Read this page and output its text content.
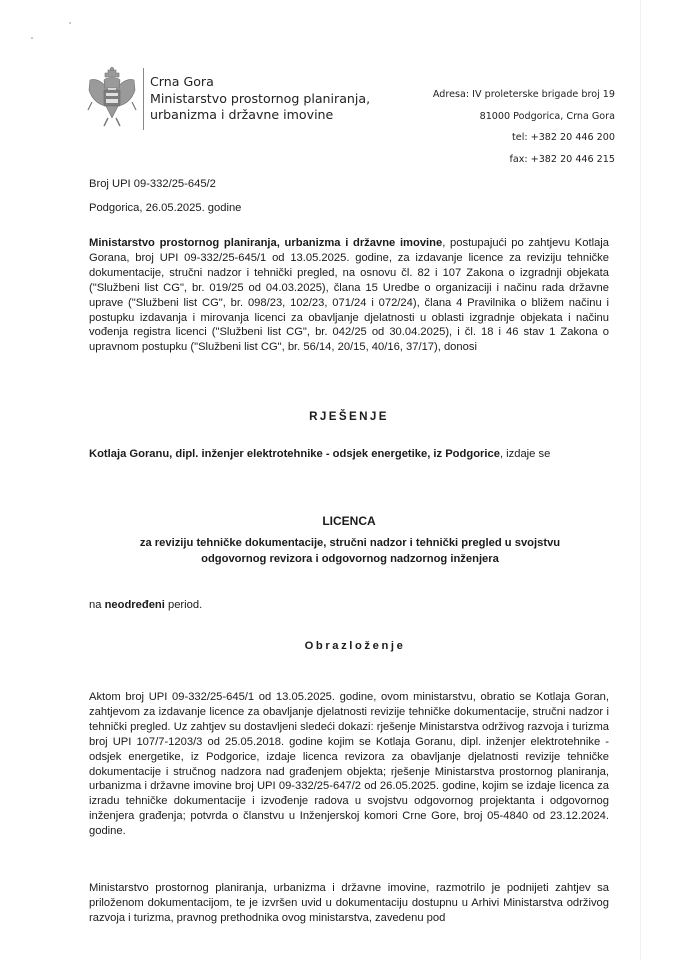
Crna Gora
Ministarstvo prostornog planiranja,
urbanizma i državne imovine
Adresa: IV proleterske brigade broj 19
81000 Podgorica, Crna Gora
tel: +382 20 446 200
fax: +382 20 446 215
Broj UPI 09-332/25-645/2
Podgorica, 26.05.2025. godine
Ministarstvo prostornog planiranja, urbanizma i državne imovine, postupajući po zahtjevu Kotlaja Gorana, broj UPI 09-332/25-645/1 od 13.05.2025. godine, za izdavanje licence za reviziju tehničke dokumentacije, stručni nadzor i tehnički pregled, na osnovu čl. 82 i 107 Zakona o izgradnji objekata ("Službeni list CG", br. 019/25 od 04.03.2025), člana 15 Uredbe o organizaciji i načinu rada državne uprave ("Službeni list CG", br. 098/23, 102/23, 071/24 i 072/24), člana 4 Pravilnika o bližem načinu i postupku izdavanja i mirovanja licenci za obavljanje djelatnosti u oblasti izgradnje objekata i načinu vođenja registra licenci ("Službeni list CG", br. 042/25 od 30.04.2025), i čl. 18 i 46 stav 1 Zakona o upravnom postupku ("Službeni list CG", br. 56/14, 20/15, 40/16, 37/17), donosi
RJEŠENJE
Kotlaja Goranu, dipl. inženjer elektrotehnike - odsjek energetike, iz Podgorice, izdaje se
LICENCA
za reviziju tehničke dokumentacije, stručni nadzor i tehnički pregled u svojstvu odgovornog revizora i odgovornog nadzornog inženjera
na neodređeni period.
Obrazloženje
Aktom broj UPI 09-332/25-645/1 od 13.05.2025. godine, ovom ministarstvu, obratio se Kotlaja Goran, zahtjevom za izdavanje licence za obavljanje djelatnosti revizije tehničke dokumentacije, stručni nadzor i tehnički pregled. Uz zahtjev su dostavljeni sledeći dokazi: rješenje Ministarstva održivog razvoja i turizma broj UPI 107/7-1203/3 od 25.05.2018. godine kojim se Kotlaja Goranu, dipl. inženjer elektrotehnike - odsjek energetike, iz Podgorice, izdaje licenca revizora za obavljanje djelatnosti revizije tehničke dokumentacije i stručnog nadzora nad građenjem objekta; rješenje Ministarstva prostornog planiranja, urbanizma i državne imovine broj UPI 09-332/25-647/2 od 26.05.2025. godine, kojim se izdaje licenca za izradu tehničke dokumentacije i izvođenje radova u svojstvu odgovornog projektanta i odgovornog inženjera građenja; potvrda o članstvu u Inženjerskoj komori Crne Gore, broj 05-4840 od 23.12.2024. godine.
Ministarstvo prostornog planiranja, urbanizma i državne imovine, razmotrilo je podnijeti zahtjev sa priloženom dokumentacijom, te je izvršen uvid u dokumentaciju dostupnu u Arhivi Ministarstva održivog razvoja i turizma, pravnog prethodnika ovog ministarstva, zavedenu pod
